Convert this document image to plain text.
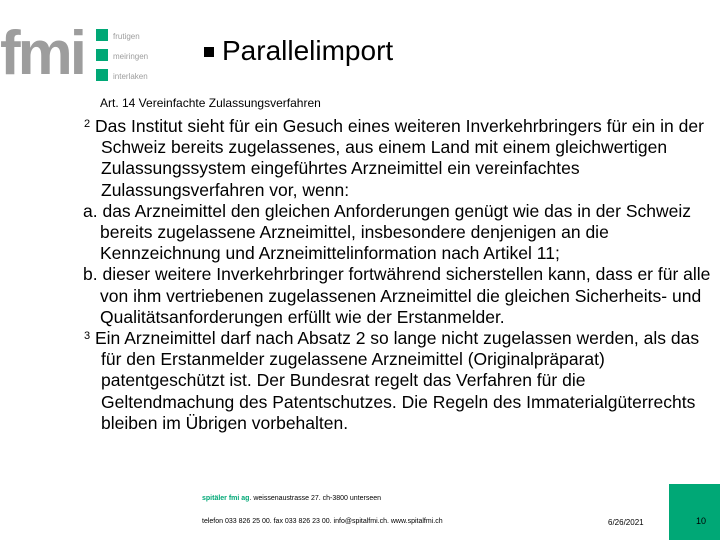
fmi	frutigen
meiringen
interlaken
Parallelimport
Art. 14 Vereinfachte Zulassungsverfahren
$^2$ Das Institut sieht für ein Gesuch eines weiteren Inverkehrbringers für ein in der Schweiz bereits zugelassenes, aus einem Land mit einem gleichwertigen Zulassungssystem eingeführtes Arzneimittel ein vereinfachtes Zulassungsverfahren vor, wenn:
a. das Arzneimittel den gleichen Anforderungen genügt wie das in der Schweiz bereits zugelassene Arzneimittel, insbesondere denjenigen an die Kennzeichnung und Arzneimittelinformation nach Artikel 11;
b. dieser weitere Inverkehrbringer fortwährend sicherstellen kann, dass er für alle von ihm vertriebenen zugelassenen Arzneimittel die gleichen Sicherheits- und Qualitätsanforderungen erfüllt wie der Erstanmelder.
$^3$ Ein Arzneimittel darf nach Absatz 2 so lange nicht zugelassen werden, als das für den Erstanmelder zugelassene Arzneimittel (Originalpräparat) patentgeschützt ist. Der Bundesrat regelt das Verfahren für die Geltendmachung des Patentschutzes. Die Regeln des Immaterialgüterrechts bleiben im Übrigen vorbehalten.
spitäler fmi ag. weissenaustrasse 27. ch-3800 unterseen
telefon 033 826 25 00. fax 033 826 23 00. info@spitalfmi.ch. www.spitalfmi.ch	6/26/2021	10
